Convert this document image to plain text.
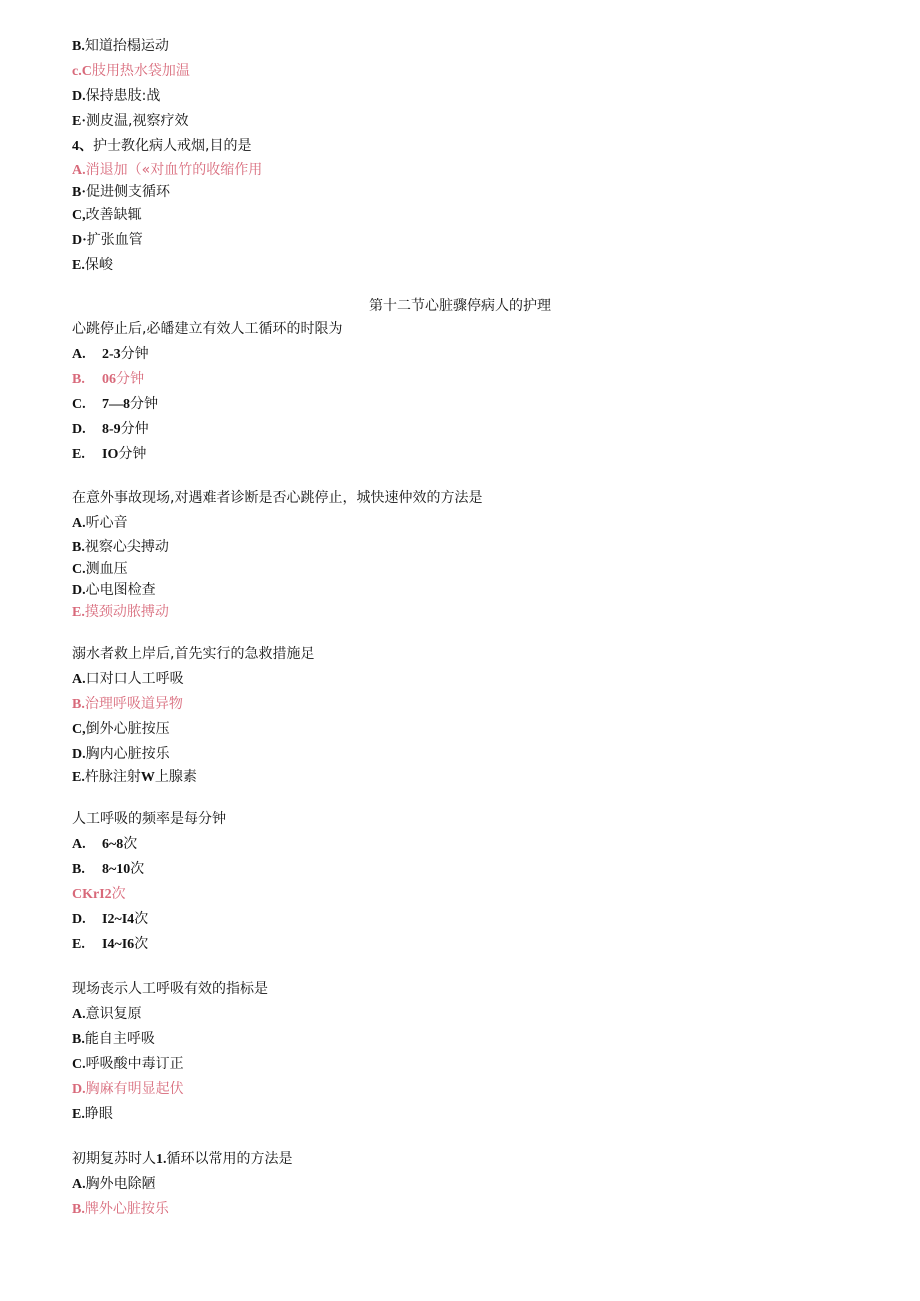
B.知道抬榻运动
c.C肢用热水袋加温
D.保持患肢:战
E·测皮温,视察疗效
4、护士教化病人戒烟,目的是
A.消退加（«对血竹的收缩作用
B·促进侧支循环
C,改善缺辄
D·扩张血管
E.保峻
第十二节心脏骤停病人的护理
心跳停止后,必皤建立有效人工循环的时限为
A. 2-3分钟
B. 06分钟
C. 7—8分钟
D. 8-9分仲
E. IO分钟
在意外事故现场,对遇难者诊断是否心跳停止，城快速仲效的方法是
A.听心音
B.视察心尖搏动
C.测血压
D.心电图检查
E.摸颈动脓搏动
溺水者救上岸后,首先实行的急救措施足
A.口对口人工呼吸
B.治理呼吸道异物
C,倒外心脏按压
D.胸内心脏按乐
E.杵脉注射W上腺素
人工呼吸的频率是每分钟
A. 6~8次
B. 8~10次
CKrI2次
D. I2~I4次
E. I4~I6次
现场丧示人工呼吸有效的指标是
A.意识复原
B.能自主呼吸
C.呼吸酸中毒订正
D.胸麻有明显起伏
E.睁眼
初期复苏时人1.循环以常用的方法是
A.胸外电除陋
B.牌外心脏按乐
